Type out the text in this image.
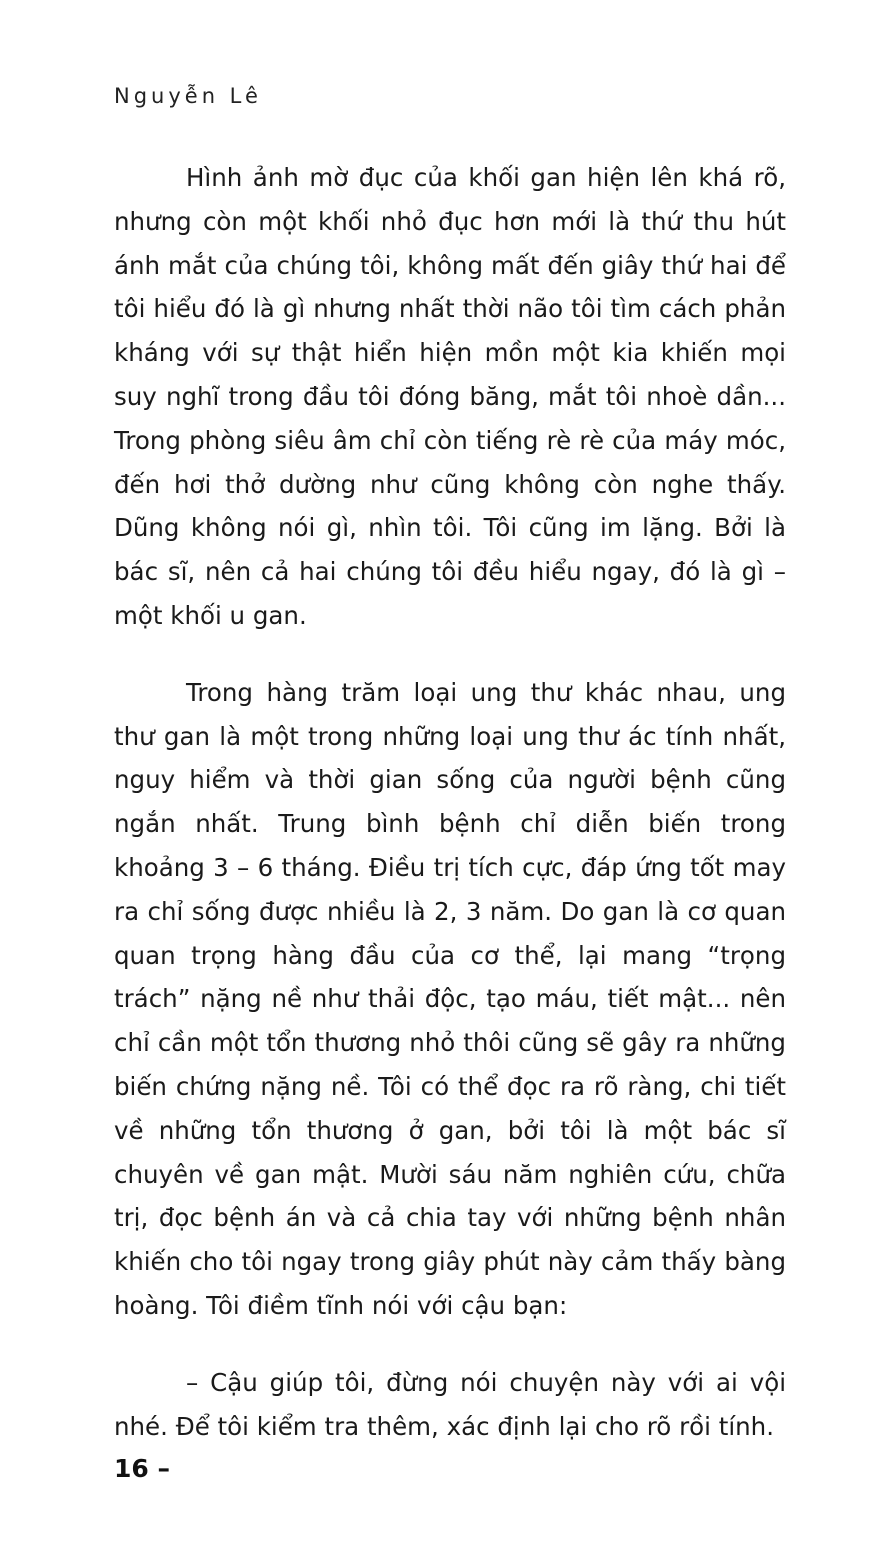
Nguyễn Lê

Hình ảnh mờ đục của khối gan hiện lên khá rõ, nhưng còn một khối nhỏ đục hơn mới là thứ thu hút ánh mắt của chúng tôi, không mất đến giây thứ hai để tôi hiểu đó là gì nhưng nhất thời não tôi tìm cách phản kháng với sự thật hiển hiện mồn một kia khiến mọi suy nghĩ trong đầu tôi đóng băng, mắt tôi nhoè dần... Trong phòng siêu âm chỉ còn tiếng rè rè của máy móc, đến hơi thở dường như cũng không còn nghe thấy. Dũng không nói gì, nhìn tôi. Tôi cũng im lặng. Bởi là bác sĩ, nên cả hai chúng tôi đều hiểu ngay, đó là gì – một khối u gan.

Trong hàng trăm loại ung thư khác nhau, ung thư gan là một trong những loại ung thư ác tính nhất, nguy hiểm và thời gian sống của người bệnh cũng ngắn nhất. Trung bình bệnh chỉ diễn biến trong khoảng 3 – 6 tháng. Điều trị tích cực, đáp ứng tốt may ra chỉ sống được nhiều là 2, 3 năm. Do gan là cơ quan quan trọng hàng đầu của cơ thể, lại mang “trọng trách” nặng nề như thải độc, tạo máu, tiết mật... nên chỉ cần một tổn thương nhỏ thôi cũng sẽ gây ra những biến chứng nặng nề. Tôi có thể đọc ra rõ ràng, chi tiết về những tổn thương ở gan, bởi tôi là một bác sĩ chuyên về gan mật. Mười sáu năm nghiên cứu, chữa trị, đọc bệnh án và cả chia tay với những bệnh nhân khiến cho tôi ngay trong giây phút này cảm thấy bàng hoàng. Tôi điềm tĩnh nói với cậu bạn:

– Cậu giúp tôi, đừng nói chuyện này với ai vội nhé. Để tôi kiểm tra thêm, xác định lại cho rõ rồi tính.

16 –
